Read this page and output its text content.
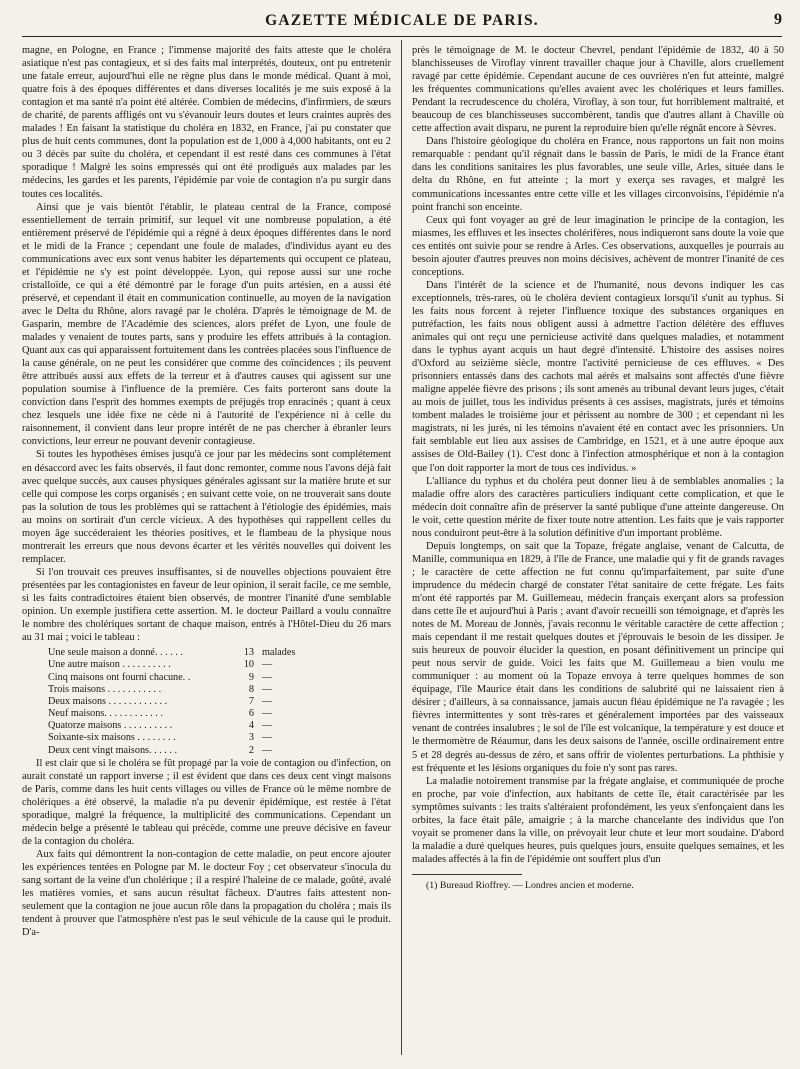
GAZETTE MÉDICALE DE PARIS.	9

magne, en Pologne, en France ; l'immense majorité des faits atteste que le choléra asiatique n'est pas contagieux, et si des faits mal interprétés, douteux, ont pu entretenir une fatale erreur, aujourd'hui elle ne règne plus dans le monde médical. Quant à moi, quatre fois à des époques différentes et dans diverses localités je me suis exposé à la contagion et ma santé n'a point été altérée. Combien de médecins, d'infirmiers, de sœurs de charité, de parents affligés ont vu s'évanouir leurs doutes et leurs craintes auprès des malades ! En faisant la statistique du choléra en 1832, en France, j'ai pu constater que plus de huit cents communes, dont la population est de 1,000 à 4,000 habitants, ont eu 2 ou 3 décès par suite du choléra, et cependant il est resté dans ces communes à l'état sporadique ! Malgré les soins empressés qui ont été prodigués aux malades par les médecins, les gardes et les parents, l'épidémie par voie de contagion n'a pu surgir dans toutes ces localités.

Ainsi que je vais bientôt l'établir, le plateau central de la France, composé essentiellement de terrain primitif, sur lequel vit une nombreuse population, a été entièrement préservé de l'épidémie qui a régné à deux époques différentes dans le nord et le midi de la France ; cependant une foule de malades, d'individus ayant eu des communications avec eux sont venus habiter les départements qui occupent ce plateau, et l'épidémie ne s'y est point développée. Lyon, qui repose aussi sur une roche cristalloïde, ce qui a été démontré par le forage d'un puits artésien, en a aussi été préservé, et cependant il était en communication continuelle, au moyen de la navigation avec le Delta du Rhône, alors ravagé par le choléra. D'après le témoignage de M. de Gasparin, membre de l'Académie des sciences, alors préfet de Lyon, une foule de malades y venaient de toutes parts, sans y produire les effets attribués à la contagion. Quant aux cas qui apparaissent fortuitement dans les contrées placées sous l'influence de la cause générale, on ne peut les considérer que comme des coïncidences ; ils peuvent être attribués aussi aux effets de la terreur et à d'autres causes qui agissent sur une population soumise à l'influence de la première. Ces faits porteront sans doute la conviction dans l'esprit des hommes exempts de préjugés trop enracinés ; quant à ceux chez lesquels une idée fixe ne cède ni à l'autorité de l'expérience ni à celle du raisonnement, il convient dans leur propre intérêt de ne pas chercher à ébranler leurs convictions, leur erreur ne pouvant devenir contagieuse.

Si toutes les hypothèses émises jusqu'à ce jour par les médecins sont complétement en désaccord avec les faits observés, il faut donc remonter, comme nous l'avons déjà fait avec quelque succès, aux causes physiques générales agissant sur la matière brute et sur celle qui compose les corps organisés ; en suivant cette voie, on ne trouverait sans doute pas la solution de tous les problèmes qui se rattachent à l'étiologie des épidémies, mais au moins on sortirait d'un cercle vicieux. A des hypothèses qui rappellent celles du moyen âge succéderaient les théories positives, et le flambeau de la physique nous montrerait les erreurs que nous devons écarter et les vérités nouvelles qui doivent les remplacer.

Si l'on trouvait ces preuves insuffisantes, si de nouvelles objections pouvaient être présentées par les contagionistes en faveur de leur opinion, il serait facile, ce me semble, si les faits contradictoires étaient bien observés, de montrer l'inanité d'une semblable opinion. Un exemple justifiera cette assertion. M. le docteur Paillard a voulu connaître le nombre des cholériques sortant de chaque maison, entrés à l'Hôtel-Dieu du 26 mars au 31 mai ; voici le tableau :

Une seule maison a donné. . . . . .	13 malades
Une autre maison . . . . . . . . . .	10 —
Cinq maisons ont fourni chacune. .	9 —
Trois maisons . . . . . . . . . . .	8 —
Deux maisons . . . . . . . . . . . .	7 —
Neuf maisons. . . . . . . . . . . .	6 —
Quatorze maisons . . . . . . . . . .	4 —
Soixante-six maisons . . . . . . . .	3 —
Deux cent vingt maisons. . . . . .	2 —

Il est clair que si le choléra se fût propagé par la voie de contagion ou d'infection, on aurait constaté un rapport inverse ; il est évident que dans ces deux cent vingt maisons de Paris, comme dans les huit cents villages ou villes de France où le même nombre de cholériques a été observé, la maladie n'a pu devenir épidémique, est restée à l'état sporadique, malgré la fréquence, la multiplicité des communications. Cependant un médecin belge a présenté le tableau qui précède, comme une preuve décisive en faveur de la contagion du choléra.

Aux faits qui démontrent la non-contagion de cette maladie, on peut encore ajouter les expériences tentées en Pologne par M. le docteur Foy ; cet observateur s'inocula du sang sortant de la veine d'un cholérique ; il a respiré l'haleine de ce malade, goûté, avalé les matières vomies, et sans aucun résultat fâcheux. D'autres faits attestent non-seulement que la contagion ne joue aucun rôle dans la propagation du choléra ; mais ils tendent à prouver que l'atmosphère n'est pas le seul véhicule de la cause qui le produit. D'a-

près le témoignage de M. le docteur Chevrel, pendant l'épidémie de 1832, 40 à 50 blanchisseuses de Viroflay vinrent travailler chaque jour à Chaville, alors cruellement ravagé par cette épidémie. Cependant aucune de ces ouvrières n'en fut atteinte, malgré les fréquentes communications qu'elles avaient avec les cholériques et leurs familles. Pendant la recrudescence du choléra, Viroflay, à son tour, fut horriblement maltraité, et beaucoup de ces blanchisseuses succombèrent, tandis que d'autres allant à Chaville où cette affection avait disparu, ne purent la reproduire bien qu'elle régnât encore à Sèvres.

Dans l'histoire géologique du choléra en France, nous rapportons un fait non moins remarquable : pendant qu'il régnait dans le bassin de Paris, le midi de la France étant dans les conditions sanitaires les plus favorables, une seule ville, Arles, située dans le delta du Rhône, en fut atteinte ; la mort y exerça ses ravages, et malgré les communications incessantes entre cette ville et les villages circonvoisins, l'épidémie n'a point franchi son enceinte.

Ceux qui font voyager au gré de leur imagination le principe de la contagion, les miasmes, les effluves et les insectes cholérifères, nous indiqueront sans doute la voie que ces entités ont suivie pour se rendre à Arles. Ces observations, auxquelles je pourrais au besoin ajouter d'autres preuves non moins décisives, achèvent de montrer l'inanité de ces conceptions.

Dans l'intérêt de la science et de l'humanité, nous devons indiquer les cas exceptionnels, très-rares, où le choléra devient contagieux lorsqu'il s'unit au typhus. Si les faits nous forcent à rejeter l'influence toxique des substances organiques en putréfaction, les faits nous obligent aussi à admettre l'action délétère des effluves animales qui ont reçu une pernicieuse activité dans quelques maladies, et notamment dans le typhus ayant acquis un haut degré d'intensité. L'histoire des assises noires d'Oxford au seizième siècle, montre l'activité pernicieuse de ces effluves. « Des prisonniers entassés dans des cachots mal aérés et malsains sont affectés d'une fièvre maligne appelée fièvre des prisons ; ils sont amenés au tribunal devant leurs juges, c'était au mois de juillet, tous les individus présents à ces assises, magistrats, jurés et témoins tombent malades le troisième jour et périssent au nombre de 300 ; et cependant ni les magistrats, ni les jurés, ni les témoins n'avaient été en contact avec les prisonniers. Un fait semblable eut lieu aux assises de Cambridge, en 1521, et à une autre époque aux assises de Old-Bailey (1). C'est donc à l'infection atmosphérique et non à la contagion que l'on doit rapporter la mort de tous ces individus. »

L'alliance du typhus et du choléra peut donner lieu à de semblables anomalies ; la maladie offre alors des caractères particuliers indiquant cette complication, et que le médecin doit connaître afin de préserver la santé publique d'une atteinte dangereuse. On le voit, cette question mérite de fixer toute notre attention. Les faits que je vais rapporter nous conduiront peut-être à la solution définitive d'un important problème.

Depuis longtemps, on sait que la Topaze, frégate anglaise, venant de Calcutta, de Manille, communiqua en 1829, à l'île de France, une maladie qui y fit de grands ravages ; le caractère de cette affection ne fut connu qu'imparfaitement, par suite d'une imprudence du médecin chargé de constater l'état sanitaire de cette frégate. Les faits m'ont été rapportés par M. Guillemeau, médecin français exerçant alors sa profession dans cette île et aujourd'hui à Paris ; avant d'avoir recueilli son témoignage, et d'après les notes de M. Moreau de Jonnès, j'avais reconnu le véritable caractère de cette affection ; mais cependant il me restait quelques doutes et j'éprouvais le besoin de les dissiper. Je suis heureux de pouvoir élucider la question, en posant définitivement un principe qui peut nous servir de guide. Voici les faits que M. Guillemeau a bien voulu me communiquer : au moment où la Topaze envoya à terre quelques hommes de son équipage, l'île Maurice était dans les conditions de salubrité qui ne laissaient rien à désirer ; d'ailleurs, à sa connaissance, jamais aucun fléau épidémique ne l'a ravagée ; les fièvres intermittentes y sont très-rares et généralement importées par des vaisseaux venant de contrées insalubres ; le sol de l'île est volcanique, la température y est douce et le thermomètre de Réaumur, dans les deux saisons de l'année, oscille ordinairement entre 5 et 28 degrés au-dessus de zéro, et sans offrir de violentes perturbations. La phthisie y est fréquente et les lésions organiques du foie n'y sont pas rares.

La maladie notoirement transmise par la frégate anglaise, et communiquée de proche en proche, par voie d'infection, aux habitants de cette île, était caractérisée par les symptômes suivants : les traits s'altéraient profondément, les yeux s'enfonçaient dans les orbites, la face était pâle, amaigrie ; à la marche chancelante des individus que l'on voyait se promener dans la ville, on prévoyait leur chute et leur mort soudaine. D'abord la maladie a duré quelques heures, puis quelques jours, ensuite quelques semaines, et les malades affectés à la fin de l'épidémie ont souffert plus d'un

(1) Bureaud Rioffrey. — Londres ancien et moderne.
